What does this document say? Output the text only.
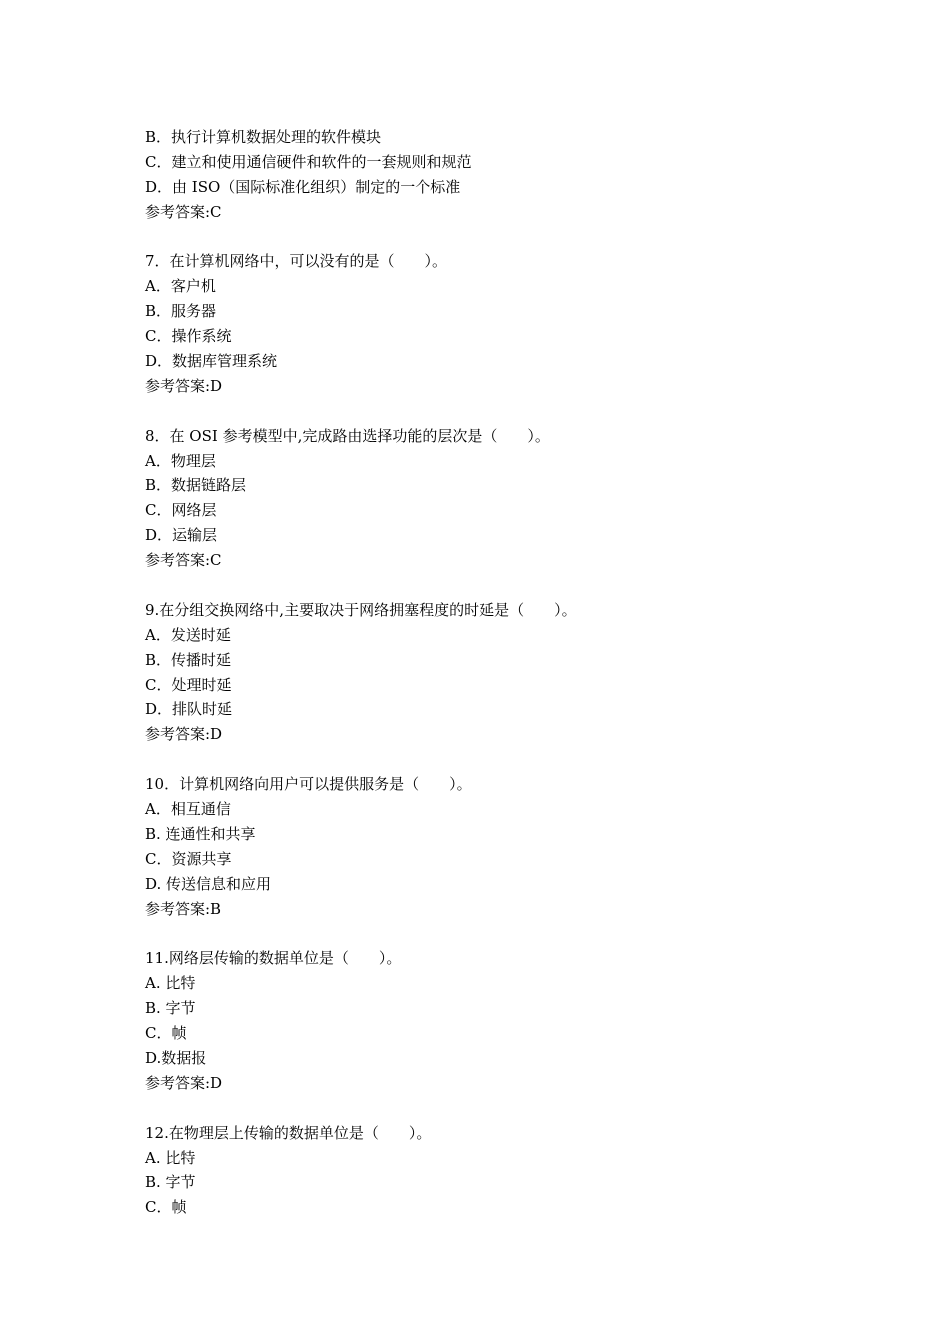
B．执行计算机数据处理的软件模块
C．建立和使用通信硬件和软件的一套规则和规范
D．由 ISO（国际标准化组织）制定的一个标准
参考答案:C
7．在计算机网络中，可以没有的是（　　）。
A．客户机
B．服务器
C．操作系统
D．数据库管理系统
参考答案:D
8．在 OSI 参考模型中,完成路由选择功能的层次是（　　）。
A．物理层
B．数据链路层
C．网络层
D．运输层
参考答案:C
9.在分组交换网络中,主要取决于网络拥塞程度的时延是（　　）。
A．发送时延
B．传播时延
C．处理时延
D．排队时延
参考答案:D
10．计算机网络向用户可以提供服务是（　　）。
A．相互通信
B. 连通性和共享
C．资源共享
D. 传送信息和应用
参考答案:B
11.网络层传输的数据单位是（　　）。
A. 比特
B. 字节
C．帧
D.数据报
参考答案:D
12.在物理层上传输的数据单位是（　　）。
A. 比特
B. 字节
C．帧
